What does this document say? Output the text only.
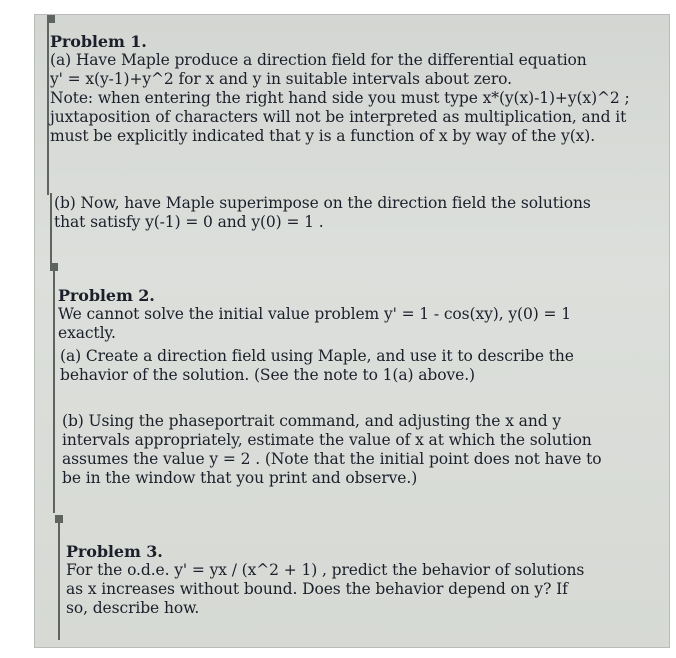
Problem 1.
(a) Have Maple produce a direction field for the differential equation
y' = x(y-1)+y^2 for x and y in suitable intervals about zero.
Note: when entering the right hand side you must type x*(y(x)-1)+y(x)^2 ;
juxtaposition of characters will not be interpreted as multiplication, and it
must be explicitly indicated that y is a function of x by way of the y(x).
(b) Now, have Maple superimpose on the direction field the solutions
that satisfy y(-1) = 0 and y(0) = 1 .
Problem 2.
We cannot solve the initial value problem y' = 1 - cos(xy), y(0) = 1
exactly.
(a) Create a direction field using Maple, and use it to describe the
behavior of the solution. (See the note to 1(a) above.)
(b) Using the phaseportrait command, and adjusting the x and y
intervals appropriately, estimate the value of x at which the solution
assumes the value y = 2 . (Note that the initial point does not have to
be in the window that you print and observe.)
Problem 3.
For the o.d.e. y' = yx / (x^2 + 1) , predict the behavior of solutions
as x increases without bound. Does the behavior depend on y? If
so, describe how.
